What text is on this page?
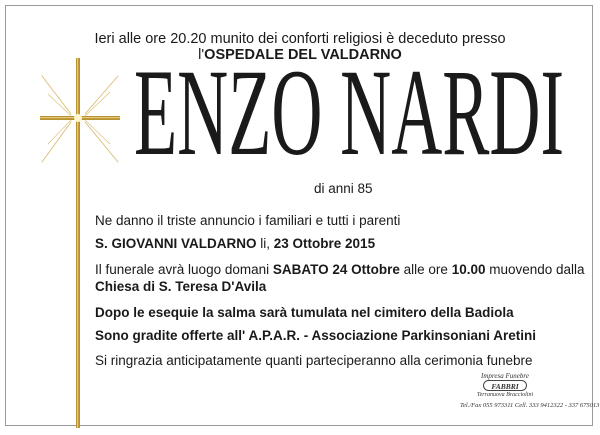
Ieri alle ore 20.20 munito dei conforti religiosi è deceduto presso
l'OSPEDALE DEL VALDARNO
ENZO NARDI
di anni 85
Ne danno il triste annuncio i familiari e tutti i parenti
S. GIOVANNI VALDARNO li, 23 Ottobre 2015
Il funerale avrà luogo domani SABATO 24 Ottobre alle ore 10.00 muovendo dalla
Chiesa di S. Teresa D'Avila
Dopo le esequie la salma sarà tumulata nel cimitero della Badiola
Sono gradite offerte all' A.P.A.R. - Associazione Parkinsoniani Aretini
Si ringrazia anticipatamente quanti parteciperanno alla cerimonia funebre
Impresa Funebre
FABBRI
Terranuova Bracciolini
Tel./Fax 055 973311 Cell. 333 9412322 - 337 675013
